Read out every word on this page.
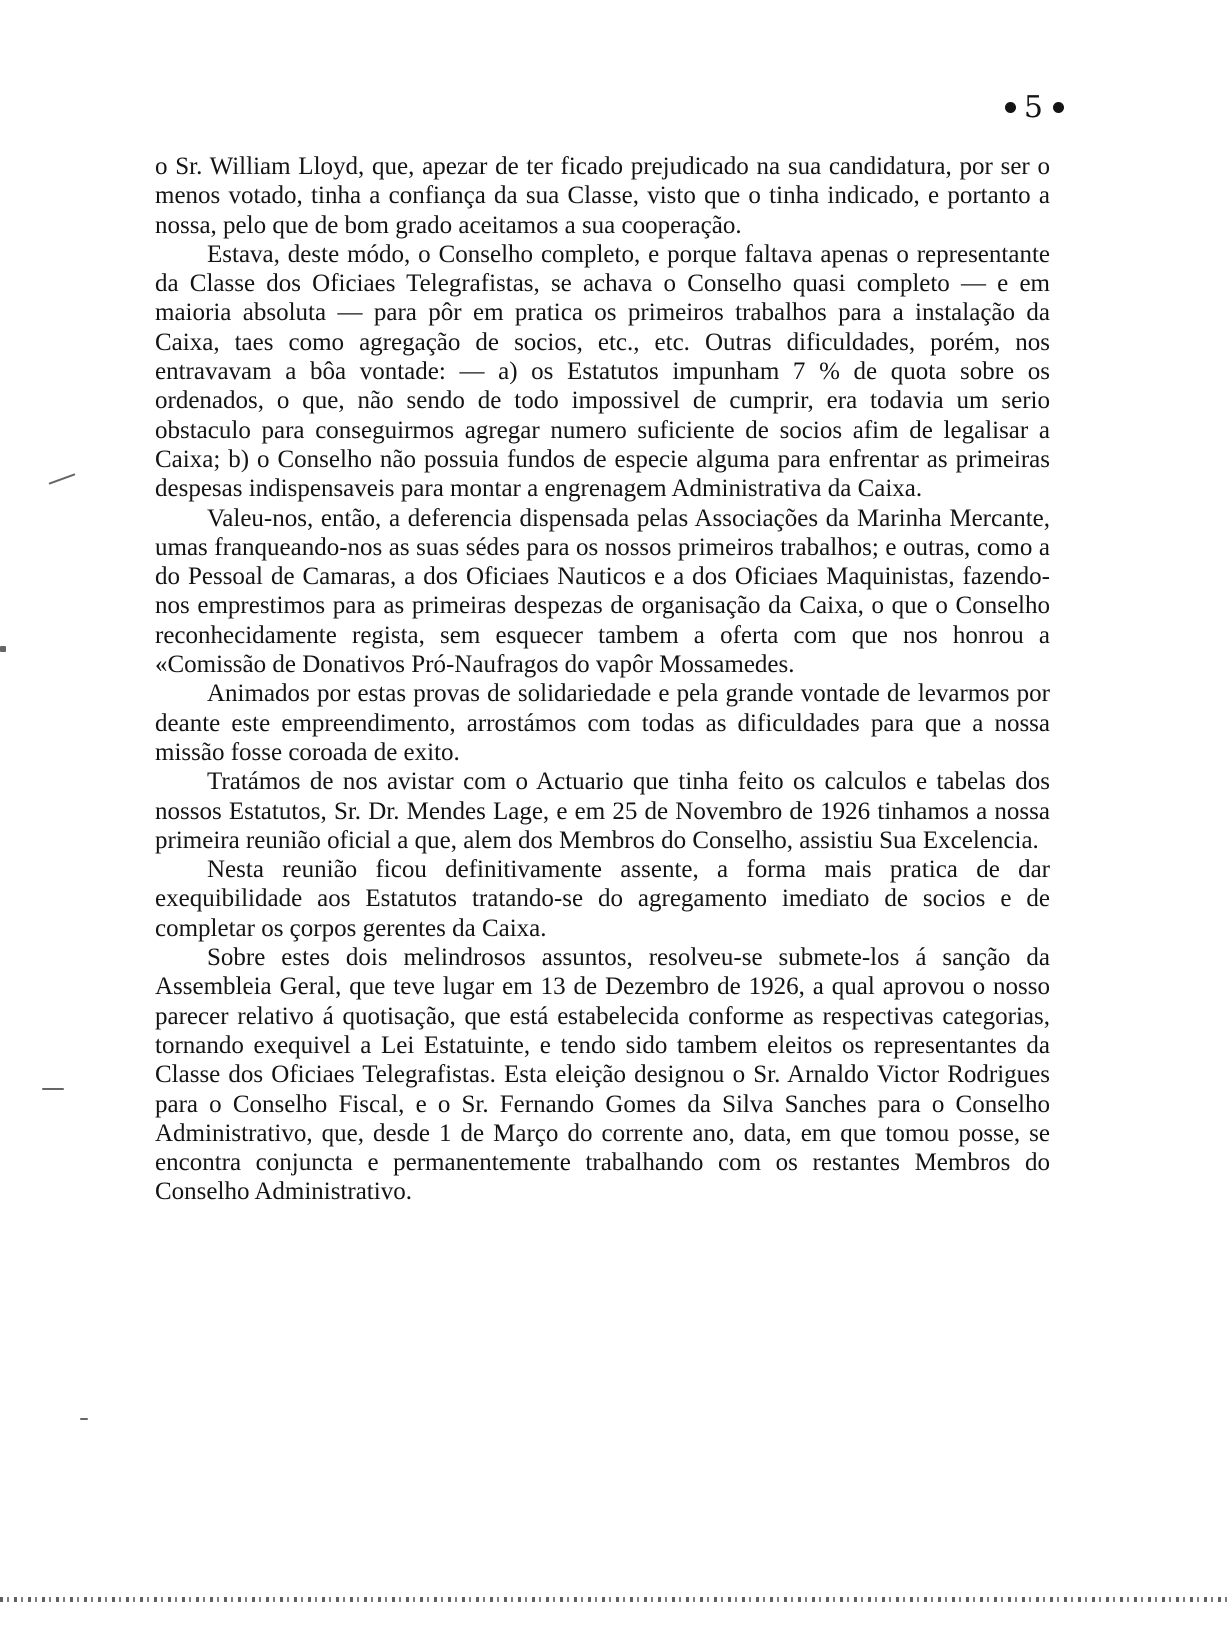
5

o Sr. William Lloyd, que, apezar de ter ficado prejudicado na sua candidatura, por ser o menos votado, tinha a confiança da sua Classe, visto que o tinha indicado, e portanto a nossa, pelo que de bom grado aceitamos a sua cooperação.

Estava, deste módo, o Conselho completo, e porque faltava apenas o representante da Classe dos Oficiaes Telegrafistas, se achava o Conselho quasi completo — e em maioria absoluta — para pôr em pratica os primeiros trabalhos para a instalação da Caixa, taes como agregação de socios, etc., etc. Outras dificuldades, porém, nos entravavam a bôa vontade: — a) os Estatutos impunham 7 % de quota sobre os ordenados, o que, não sendo de todo impossivel de cumprir, era todavia um serio obstaculo para conseguirmos agregar numero suficiente de socios afim de legalisar a Caixa; b) o Conselho não possuia fundos de especie alguma para enfrentar as primeiras despesas indispensaveis para montar a engrenagem Administrativa da Caixa.

Valeu-nos, então, a deferencia dispensada pelas Associações da Marinha Mercante, umas franqueando-nos as suas sédes para os nossos primeiros trabalhos; e outras, como a do Pessoal de Camaras, a dos Oficiaes Nauticos e a dos Oficiaes Maquinistas, fazendo-nos emprestimos para as primeiras despezas de organisação da Caixa, o que o Conselho reconhecidamente regista, sem esquecer tambem a oferta com que nos honrou a «Comissão de Donativos Pró-Naufragos do vapôr Mossamedes.

Animados por estas provas de solidariedade e pela grande vontade de levarmos por deante este empreendimento, arrostámos com todas as dificuldades para que a nossa missão fosse coroada de exito.

Tratámos de nos avistar com o Actuario que tinha feito os calculos e tabelas dos nossos Estatutos, Sr. Dr. Mendes Lage, e em 25 de Novembro de 1926 tinhamos a nossa primeira reunião oficial a que, alem dos Membros do Conselho, assistiu Sua Excelencia.

Nesta reunião ficou definitivamente assente, a forma mais pratica de dar exequibilidade aos Estatutos tratando-se do agregamento imediato de socios e de completar os çorpos gerentes da Caixa.

Sobre estes dois melindrosos assuntos, resolveu-se submete-los á sanção da Assembleia Geral, que teve lugar em 13 de Dezembro de 1926, a qual aprovou o nosso parecer relativo á quotisação, que está estabelecida conforme as respectivas categorias, tornando exequivel a Lei Estatuinte, e tendo sido tambem eleitos os representantes da Classe dos Oficiaes Telegrafistas. Esta eleição designou o Sr. Arnaldo Victor Rodrigues para o Conselho Fiscal, e o Sr. Fernando Gomes da Silva Sanches para o Conselho Administrativo, que, desde 1 de Março do corrente ano, data, em que tomou posse, se encontra conjuncta e permanentemente trabalhando com os restantes Membros do Conselho Administrativo.
